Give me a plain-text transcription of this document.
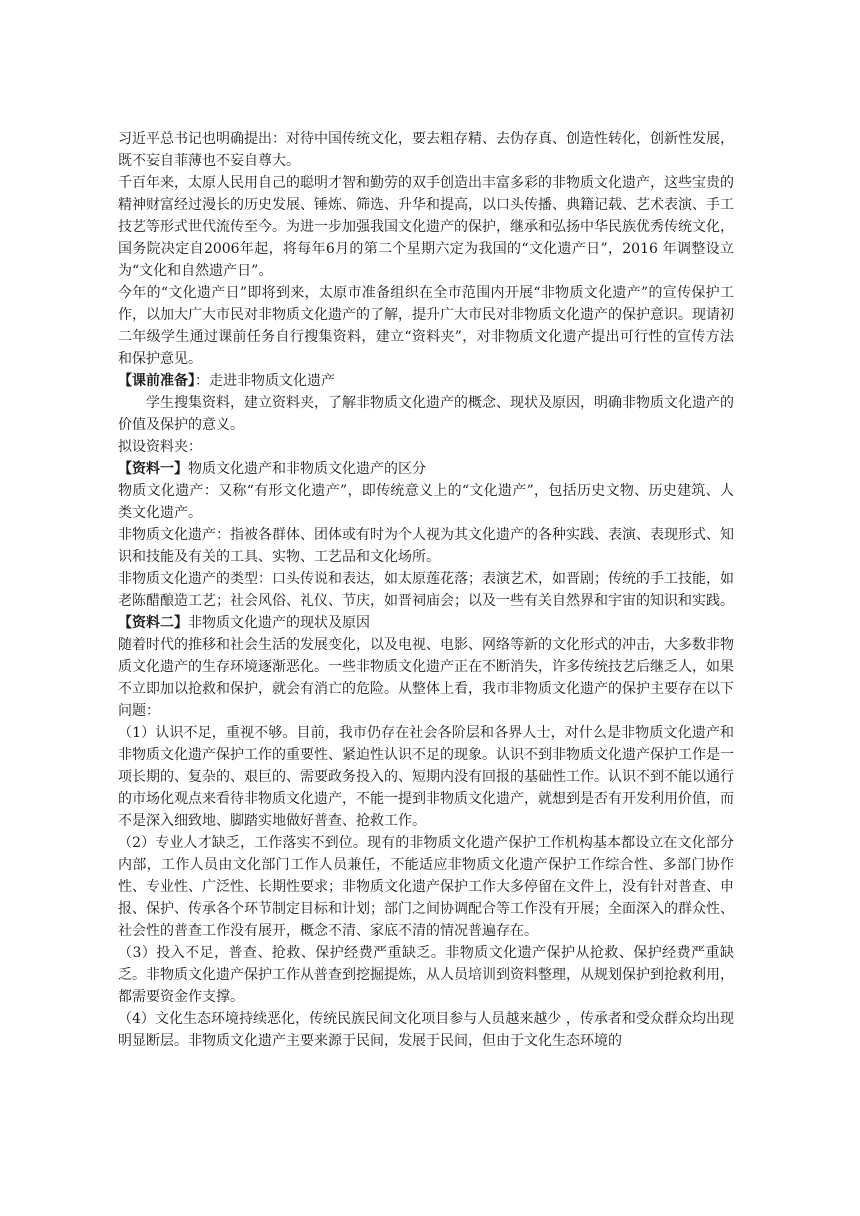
习近平总书记也明确提出：对待中国传统文化，要去粗存精、去伪存真、创造性转化，创新性发展，既不妄自菲薄也不妄自尊大。

千百年来，太原人民用自己的聪明才智和勤劳的双手创造出丰富多彩的非物质文化遗产，这些宝贵的精神财富经过漫长的历史发展、锤炼、筛选、升华和提高，以口头传播、典籍记载、艺术表演、手工技艺等形式世代流传至今。为进一步加强我国文化遗产的保护，继承和弘扬中华民族优秀传统文化，国务院决定自2006年起，将每年6月的第二个星期六定为我国的“文化遗产日”，2016 年调整设立为“文化和自然遗产日”。

今年的“文化遗产日”即将到来，太原市准备组织在全市范围内开展“非物质文化遗产”的宣传保护工作，以加大广大市民对非物质文化遗产的了解，提升广大市民对非物质文化遗产的保护意识。现请初二年级学生通过课前任务自行搜集资料，建立“资料夹”，对非物质文化遗产提出可行性的宣传方法和保护意见。

【课前准备】：走进非物质文化遗产

学生搜集资料，建立资料夹，了解非物质文化遗产的概念、现状及原因，明确非物质文化遗产的价值及保护的意义。

拟设资料夹：

【资料一】物质文化遗产和非物质文化遗产的区分

物质文化遗产：又称“有形文化遗产”，即传统意义上的“文化遗产”，包括历史文物、历史建筑、人类文化遗产。

非物质文化遗产：指被各群体、团体或有时为个人视为其文化遗产的各种实践、表演、表现形式、知识和技能及有关的工具、实物、工艺品和文化场所。

非物质文化遗产的类型：口头传说和表达，如太原莲花落；表演艺术，如晋剧；传统的手工技能，如老陈醋酿造工艺；社会风俗、礼仪、节庆，如晋祠庙会；以及一些有关自然界和宇宙的知识和实践。

【资料二】非物质文化遗产的现状及原因

随着时代的推移和社会生活的发展变化，以及电视、电影、网络等新的文化形式的冲击，大多数非物质文化遗产的生存环境逐渐恶化。一些非物质文化遗产正在不断消失，许多传统技艺后继乏人，如果不立即加以抢救和保护，就会有消亡的危险。从整体上看，我市非物质文化遗产的保护主要存在以下问题：

（1）认识不足，重视不够。目前，我市仍存在社会各阶层和各界人士，对什么是非物质文化遗产和非物质文化遗产保护工作的重要性、紧迫性认识不足的现象。认识不到非物质文化遗产保护工作是一项长期的、复杂的、艰巨的、需要政务投入的、短期内没有回报的基础性工作。认识不到不能以通行的市场化观点来看待非物质文化遗产，不能一提到非物质文化遗产，就想到是否有开发利用价值，而不是深入细致地、脚踏实地做好普查、抢救工作。

（2）专业人才缺乏，工作落实不到位。现有的非物质文化遗产保护工作机构基本都设立在文化部分内部，工作人员由文化部门工作人员兼任，不能适应非物质文化遗产保护工作综合性、多部门协作性、专业性、广泛性、长期性要求；非物质文化遗产保护工作大多停留在文件上，没有针对普查、申报、保护、传承各个环节制定目标和计划；部门之间协调配合等工作没有开展；全面深入的群众性、社会性的普查工作没有展开，概念不清、家底不清的情况普遍存在。

（3）投入不足，普查、抢救、保护经费严重缺乏。非物质文化遗产保护从抢救、保护经费严重缺乏。非物质文化遗产保护工作从普查到挖掘提炼，从人员培训到资料整理，从规划保护到抢救利用，都需要资金作支撑。

（4）文化生态环境持续恶化，传统民族民间文化项目参与人员越来越少 ，传承者和受众群众均出现明显断层。非物质文化遗产主要来源于民间，发展于民间，但由于文化生态环境的
